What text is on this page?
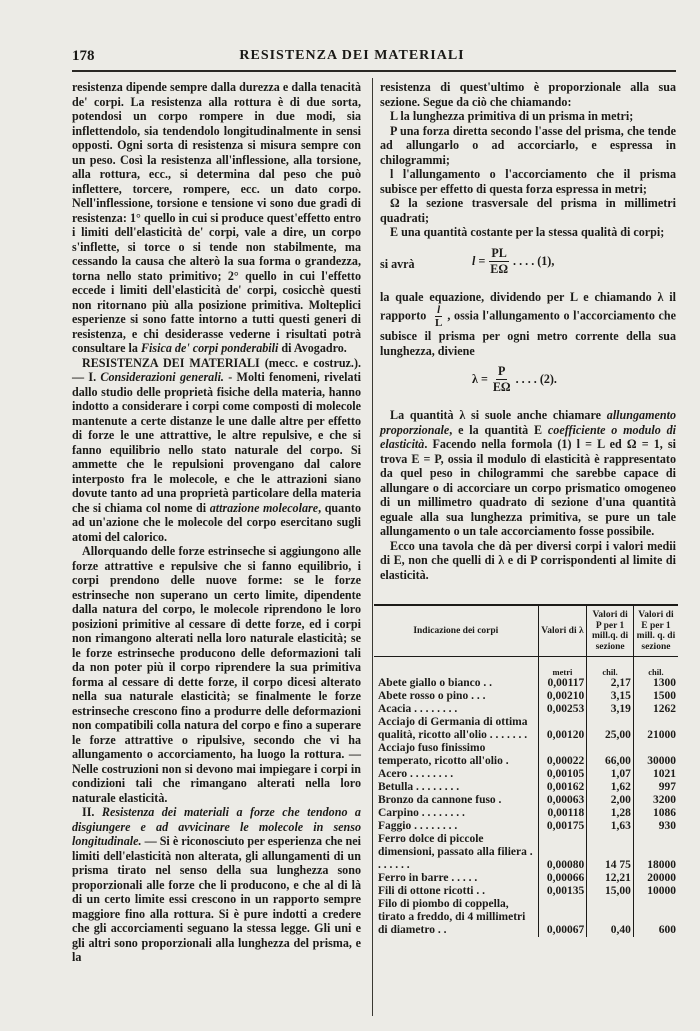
178	RESISTENZA DEI MATERIALI

resistenza dipende sempre dalla durezza e dalla tenacità de' corpi. La resistenza alla rottura è di due sorta, potendosi un corpo rompere in due modi, sia inflettendolo, sia tendendolo longitudinalmente in sensi opposti. Ogni sorta di resistenza si misura sempre con un peso. Così la resistenza all'inflessione, alla torsione, alla rottura, ecc., si determina dal peso che può inflettere, torcere, rompere, ecc. un dato corpo. Nell'inflessione, torsione e tensione vi sono due gradi di resistenza: 1° quello in cui si produce quest'effetto entro i limiti dell'elasticità de' corpi, vale a dire, un corpo s'inflette, si torce o si tende non stabilmente, ma cessando la causa che alterò la sua forma o grandezza, torna nello stato primitivo; 2° quello in cui l'effetto eccede i limiti dell'elasticità de' corpi, cosicchè questi non ritornano più alla posizione primitiva. Molteplici esperienze si sono fatte intorno a tutti questi generi di resistenza, e chi desiderasse vederne i risultati potrà consultare la Fisica de' corpi ponderabili di Avogadro.

RESISTENZA DEI MATERIALI (mecc. e costruz.). — I. Considerazioni generali. - Molti fenomeni, rivelati dallo studio delle proprietà fisiche della materia, hanno indotto a considerare i corpi come composti di molecole mantenute a certe distanze le une dalle altre per effetto di forze le une attrattive, le altre repulsive, e che si fanno equilibrio nello stato naturale del corpo. Si ammette che le repulsioni provengano dal calore interposto fra le molecole, e che le attrazioni siano dovute tanto ad una proprietà particolare della materia che si chiama col nome di attrazione molecolare, quanto ad un'azione che le molecole del corpo esercitano sugli atomi del calorico.

Allorquando delle forze estrinseche si aggiungono alle forze attrattive e repulsive che si fanno equilibrio, i corpi prendono delle nuove forme: se le forze estrinseche non superano un certo limite, dipendente dalla natura del corpo, le molecole riprendono le loro posizioni primitive al cessare di dette forze, ed i corpi non rimangono alterati nella loro naturale elasticità; se le forze estrinseche producono delle deformazioni tali da non poter più il corpo riprendere la sua primitiva forma al cessare di dette forze, il corpo dicesi alterato nella sua naturale elasticità; se finalmente le forze estrinseche crescono fino a produrre delle deformazioni non compatibili colla natura del corpo e fino a superare le forze attrattive o ripulsive, secondo che vi ha allungamento o accorciamento, ha luogo la rottura. — Nelle costruzioni non si devono mai impiegare i corpi in condizioni tali che rimangano alterati nella loro naturale elasticità.

II. Resistenza dei materiali a forze che tendono a disgiungere e ad avvicinare le molecole in senso longitudinale. — Si è riconosciuto per esperienza che nei limiti dell'elasticità non alterata, gli allungamenti di un prisma tirato nel senso della sua lunghezza sono proporzionali alle forze che li producono, e che al di là di un certo limite essi crescono in un rapporto sempre maggiore fino alla rottura. Si è pure indotti a credere che gli accorciamenti seguano la stessa legge. Gli uni e gli altri sono proporzionali alla lunghezza del prisma, e la

resistenza di quest'ultimo è proporzionale alla sua sezione. Segue da ciò che chiamando:

L la lunghezza primitiva di un prisma in metri;

P una forza diretta secondo l'asse del prisma, che tende ad allungarlo o ad accorciarlo, e espressa in chilogrammi;

l l'allungamento o l'accorciamento che il prisma subisce per effetto di questa forza espressa in metri;

Ω la sezione trasversale del prisma in millimetri quadrati;

E una quantità costante per la stessa qualità di corpi;

si avrà	$l = \frac{PL}{E\Omega}$ . . . . (1),

la quale equazione, dividendo per L e chiamando λ il rapporto $\frac{l}{L}$ , ossia l'allungamento o l'accorciamento che subisce il prisma per ogni metro corrente della sua lunghezza, diviene

$\lambda = \frac{P}{E\Omega}$ . . . . (2).

La quantità λ si suole anche chiamare allungamento proporzionale, e la quantità E coefficiente o modulo di elasticità. Facendo nella formola (1) l = L ed Ω = 1, si trova E = P, ossia il modulo di elasticità è rappresentato da quel peso in chilogrammi che sarebbe capace di allungare o di accorciare un corpo prismatico omogeneo di un millimetro quadrato di sezione d'una quantità eguale alla sua lunghezza primitiva, se pure un tale allungamento o un tale accorciamento fosse possibile.

Ecco una tavola che dà per diversi corpi i valori medii di E, non che quelli di λ e di P corrispondenti al limite di elasticità.

Indicazione dei corpi	Valori di λ	Valori di P per 1 mill.q. di sezione	Valori di E per 1 mill. q. di sezione
	metri	chil.	chil.
Abete giallo o bianco . .	0,00117	2,17	1300
Abete rosso o pino . . .	0,00210	3,15	1500
Acacia . . . . . . . .	0,00253	3,19	1262
Acciajo di Germania di ottima qualità, ricotto all'olio . . . . . . .	0,00120	25,00	21000
Acciajo fuso finissimo temperato, ricotto all'olio .	0,00022	66,00	30000
Acero . . . . . . . .	0,00105	1,07	1021
Betulla . . . . . . . .	0,00162	1,62	997
Bronzo da cannone fuso .	0,00063	2,00	3200
Carpino . . . . . . . .	0,00118	1,28	1086
Faggio . . . . . . . .	0,00175	1,63	930
Ferro dolce di piccole dimensioni, passato alla filiera . . . . . . .	0,00080	14 75	18000
Ferro in barre . . . . .	0,00066	12,21	20000
Fili di ottone ricotti . .	0,00135	15,00	10000
Filo di piombo di coppella, tirato a freddo, di 4 millimetri di diametro . .	0,00067	0,40	600
